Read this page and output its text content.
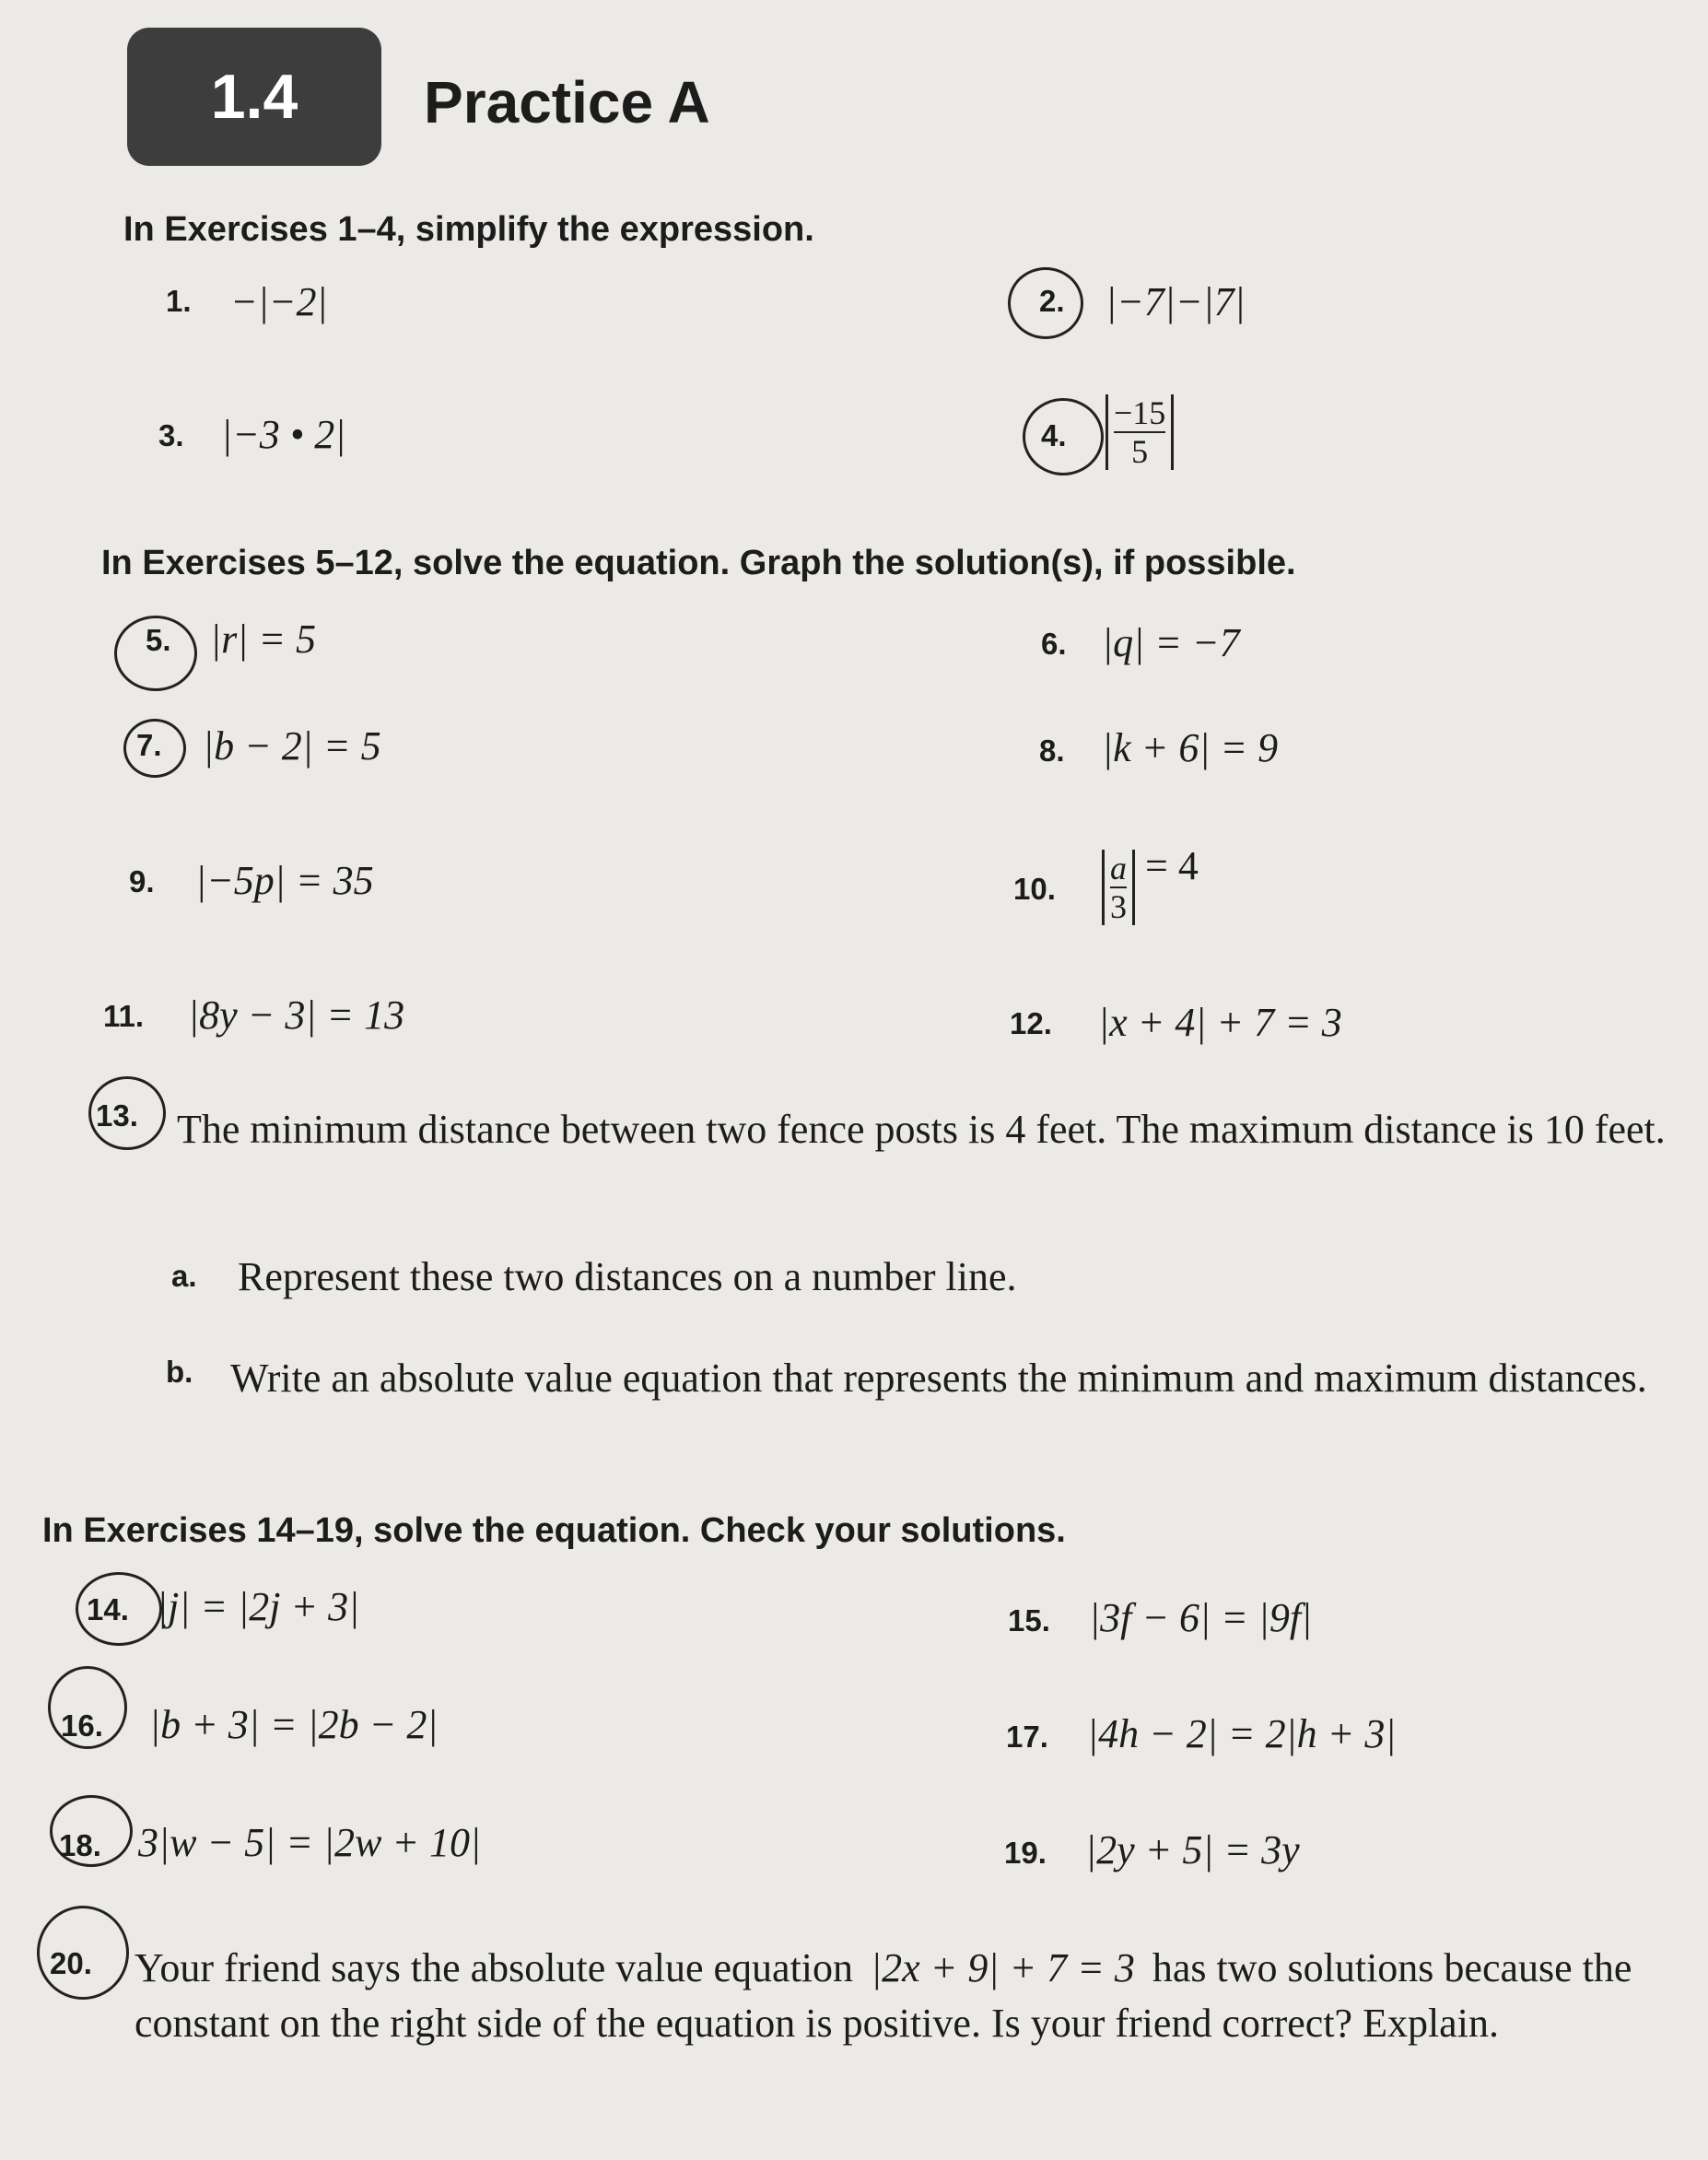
1.4 Practice A
In Exercises 1–4, simplify the expression.
1. −|−2|	2. |−7|−|7|
3. |−3 • 2|	4. $\frac{-15}{5}$
In Exercises 5–12, solve the equation. Graph the solution(s), if possible.
5. |r| = 5	6. |q| = −7
7. |b − 2| = 5	8. |k + 6| = 9
9. |−5p| = 35	10. $\frac{a}{3} = 4$
11. |8y − 3| = 13	12. |x + 4| + 7 = 3
13. The minimum distance between two fence posts is 4 feet. The maximum distance is 10 feet.
a. Represent these two distances on a number line.
b. Write an absolute value equation that represents the minimum and maximum distances.
In Exercises 14–19, solve the equation. Check your solutions.
14. |j| = |2j + 3|	15. |3f − 6| = |9f|
16. |b + 3| = |2b − 2|	17. |4h − 2| = 2|h + 3|
18. 3|w − 5| = |2w + 10|	19. |2y + 5| = 3y
20. Your friend says the absolute value equation |2x + 9| + 7 = 3 has two solutions because the constant on the right side of the equation is positive. Is your friend correct? Explain.
